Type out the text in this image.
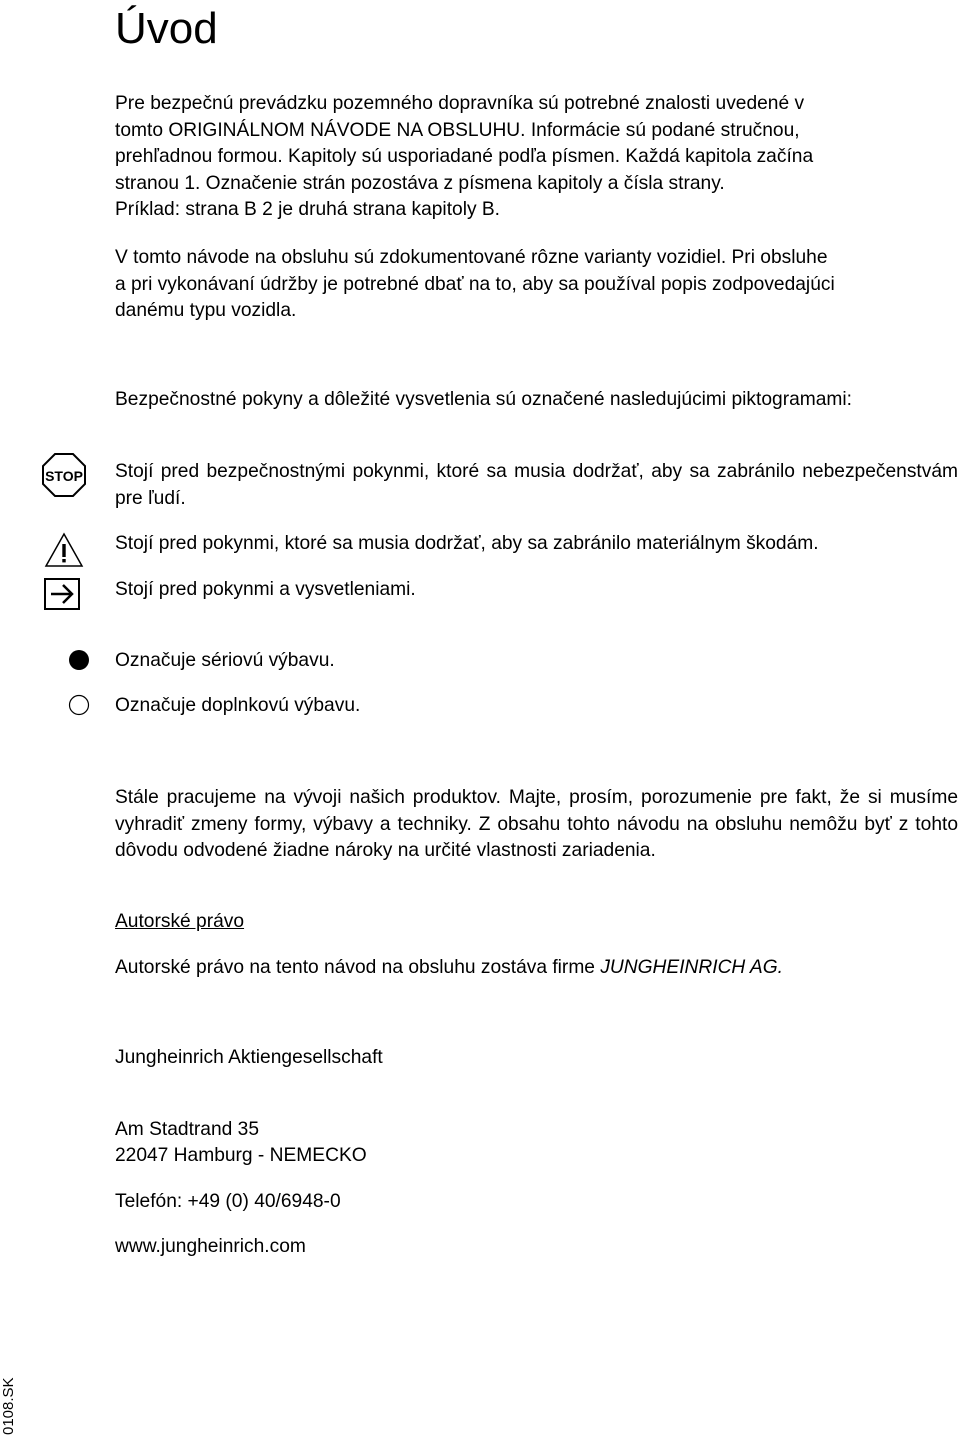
Úvod
Pre bezpečnú prevádzku pozemného dopravníka sú potrebné znalosti uvedené v
tomto ORIGINÁLNOM NÁVODE NA OBSLUHU. Informácie sú podané stručnou,
prehľadnou formou. Kapitoly sú usporiadané podľa písmen. Každá kapitola začína
stranou 1. Označenie strán pozostáva z písmena kapitoly a čísla strany.
Príklad: strana B 2 je druhá strana kapitoly B.
V tomto návode na obsluhu sú zdokumentované rôzne varianty vozidiel. Pri obsluhe
a pri vykonávaní údržby je potrebné dbať na to, aby sa používal popis zodpovedajúci
danému typu vozidla.
Bezpečnostné pokyny a dôležité vysvetlenia sú označené nasledujúcimi piktogramami:
STOP Stojí pred bezpečnostnými pokynmi, ktoré sa musia dodržať, aby sa zabránilo nebezpečenstvám pre ľudí.
Stojí pred pokynmi, ktoré sa musia dodržať, aby sa zabránilo materiálnym škodám.
Stojí pred pokynmi a vysvetleniami.
Označuje sériovú výbavu.
Označuje doplnkovú výbavu.
Stále pracujeme na vývoji našich produktov. Majte, prosím, porozumenie pre fakt, že si musíme vyhradiť zmeny formy, výbavy a techniky. Z obsahu tohto návodu na obsluhu nemôžu byť z tohto dôvodu odvodené žiadne nároky na určité vlastnosti zariadenia.
Autorské právo
Autorské právo na tento návod na obsluhu zostáva firme JUNGHEINRICH AG.
Jungheinrich Aktiengesellschaft
Am Stadtrand 35
22047 Hamburg - NEMECKO
Telefón: +49 (0) 40/6948-0
www.jungheinrich.com
0108.SK
